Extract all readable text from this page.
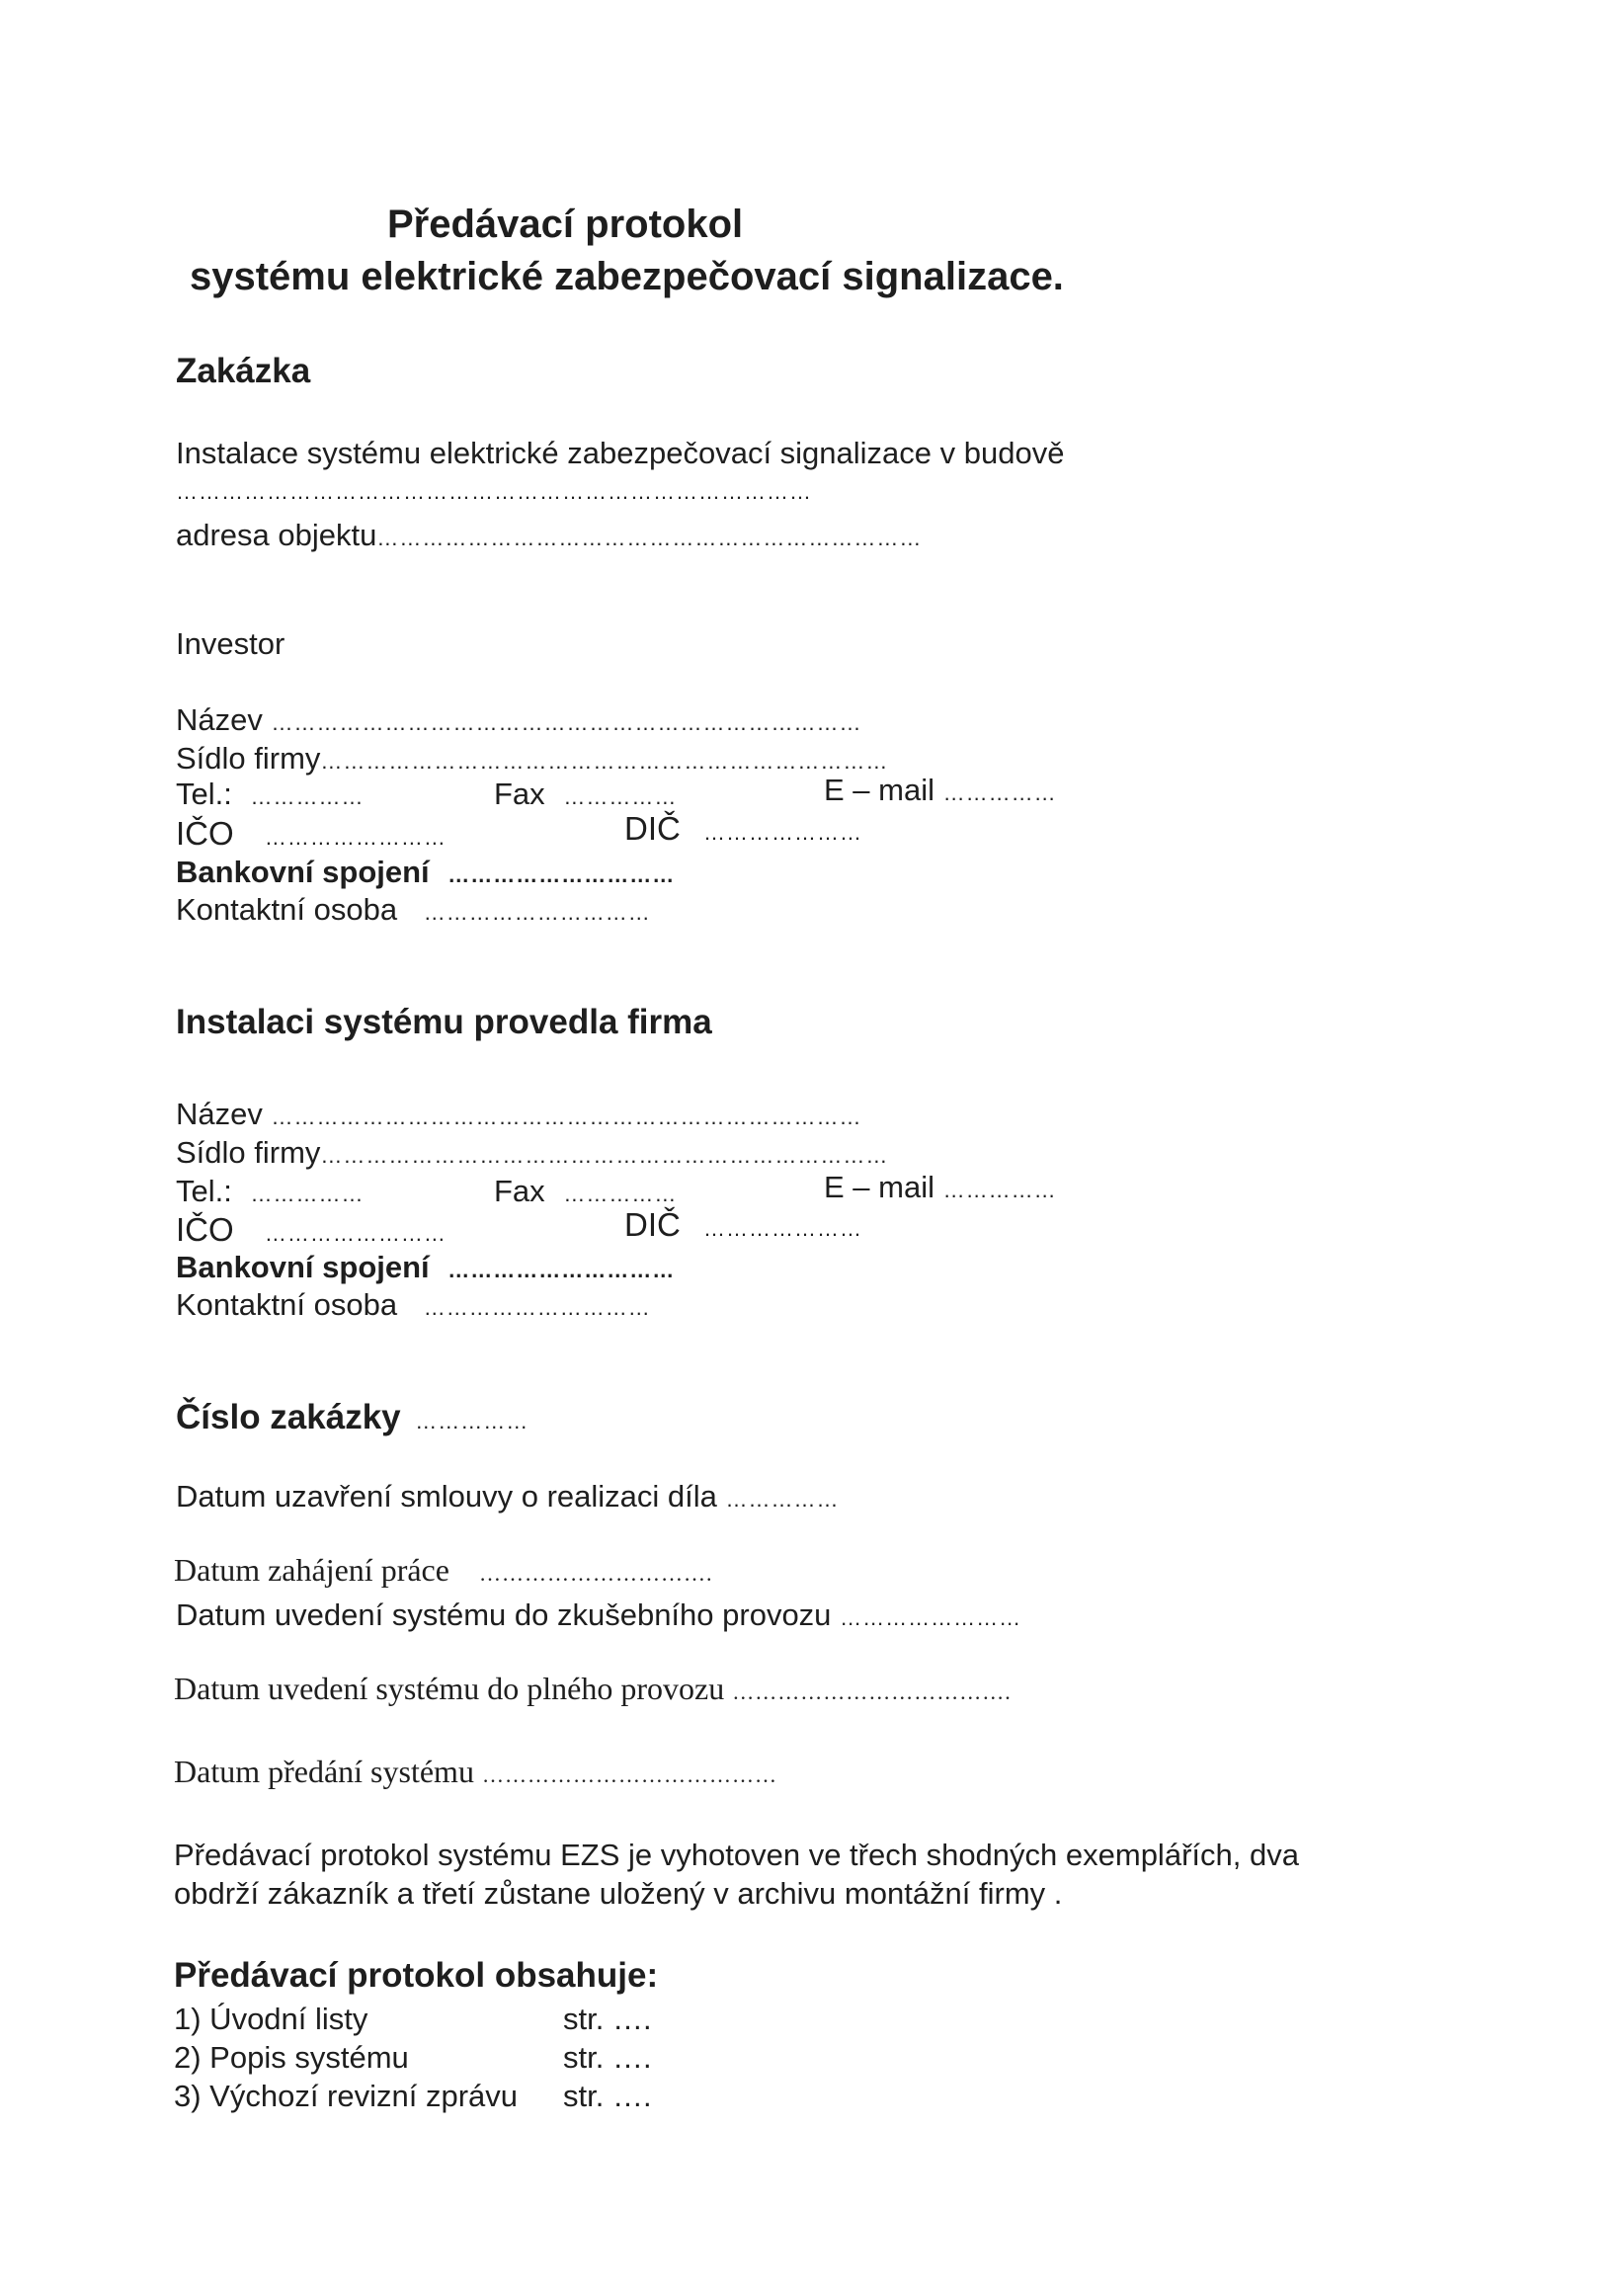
Předávací protokol
systému elektrické zabezpečovací signalizace.
Zakázka
Instalace systému elektrické zabezpečovací signalizace v budově
…………………………………………………………………………
adresa objektu………………………………………………………………
Investor
Název ……………………………………………………………………
Sídlo firmy…………………………………………………………………
Tel.: ……………	Fax ……………	E – mail ……………
IČO ……………………	DIČ …………………
Bankovní spojení …………………………
Kontaktní osoba …………………………
Instalaci systému provedla firma
Název ……………………………………………………………………
Sídlo firmy…………………………………………………………………
Tel.: ……………	Fax ……………	E – mail ……………
IČO ……………………	DIČ …………………
Bankovní spojení …………………………
Kontaktní osoba …………………………
Číslo zakázky ……………
Datum uzavření smlouvy o realizaci díla ……………
Datum zahájení práce ………………………….
Datum uvedení systému do zkušebního provozu ……………………
Datum uvedení systému do plného provozu ……………………………….
Datum předání systému …………………………………
Předávací protokol systému EZS je vyhotoven ve třech shodných exemplářích, dva
obdrží zákazník a třetí zůstane uložený v archivu montážní firmy .
Předávací protokol obsahuje:
1) Úvodní listy	str. ….
2) Popis systému	str. ….
3) Výchozí revizní zprávu str. ….
